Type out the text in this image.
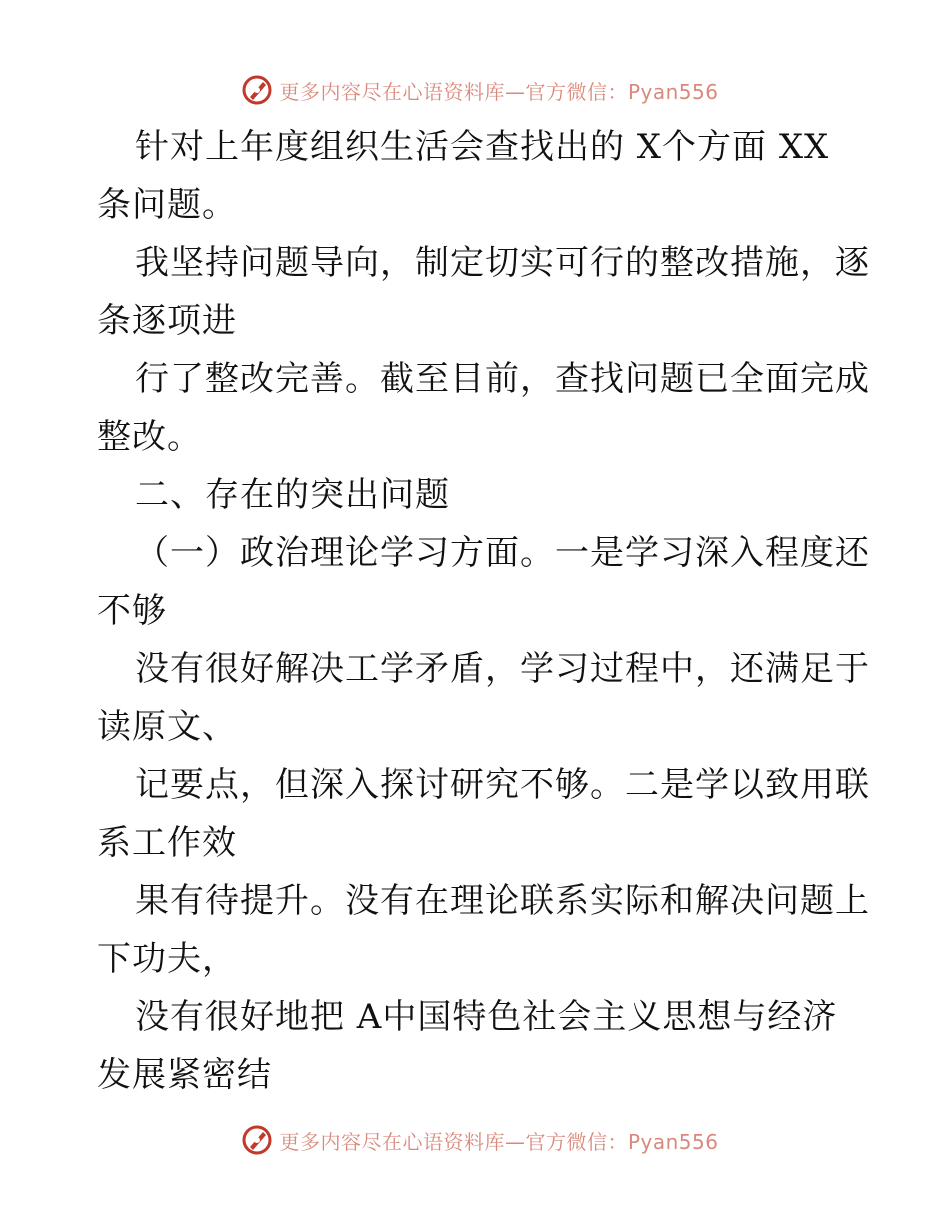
更多内容尽在心语资料库—官方微信：Pyan556

针对上年度组织生活会查找出的 X个方面 XX
条问题。
我坚持问题导向，制定切实可行的整改措施，逐
条逐项进
行了整改完善。截至目前，查找问题已全面完成
整改。
二、存在的突出问题
（一）政治理论学习方面。一是学习深入程度还
不够
没有很好解决工学矛盾，学习过程中，还满足于
读原文、
记要点，但深入探讨研究不够。二是学以致用联
系工作效
果有待提升。没有在理论联系实际和解决问题上
下功夫，
没有很好地把 A中国特色社会主义思想与经济
发展紧密结

更多内容尽在心语资料库—官方微信：Pyan556
